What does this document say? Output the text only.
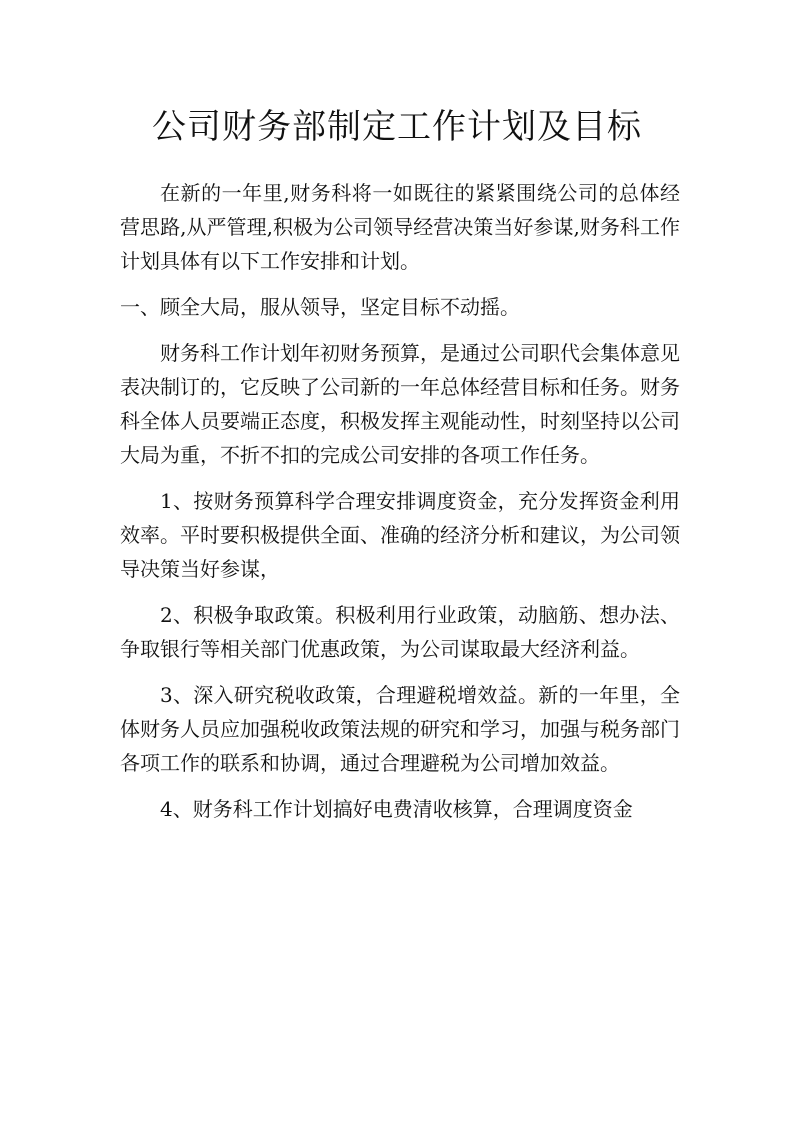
公司财务部制定工作计划及目标

在新的一年里,财务科将一如既往的紧紧围绕公司的总体经营思路,从严管理,积极为公司领导经营决策当好参谋,财务科工作计划具体有以下工作安排和计划。

一、顾全大局，服从领导，坚定目标不动摇。

财务科工作计划年初财务预算，是通过公司职代会集体意见表决制订的，它反映了公司新的一年总体经营目标和任务。财务科全体人员要端正态度，积极发挥主观能动性，时刻坚持以公司大局为重，不折不扣的完成公司安排的各项工作任务。

1、按财务预算科学合理安排调度资金，充分发挥资金利用效率。平时要积极提供全面、准确的经济分析和建议，为公司领导决策当好参谋，

2、积极争取政策。积极利用行业政策，动脑筋、想办法、争取银行等相关部门优惠政策，为公司谋取最大经济利益。

3、深入研究税收政策，合理避税增效益。新的一年里，全体财务人员应加强税收政策法规的研究和学习，加强与税务部门各项工作的联系和协调，通过合理避税为公司增加效益。

4、财务科工作计划搞好电费清收核算，合理调度资金
